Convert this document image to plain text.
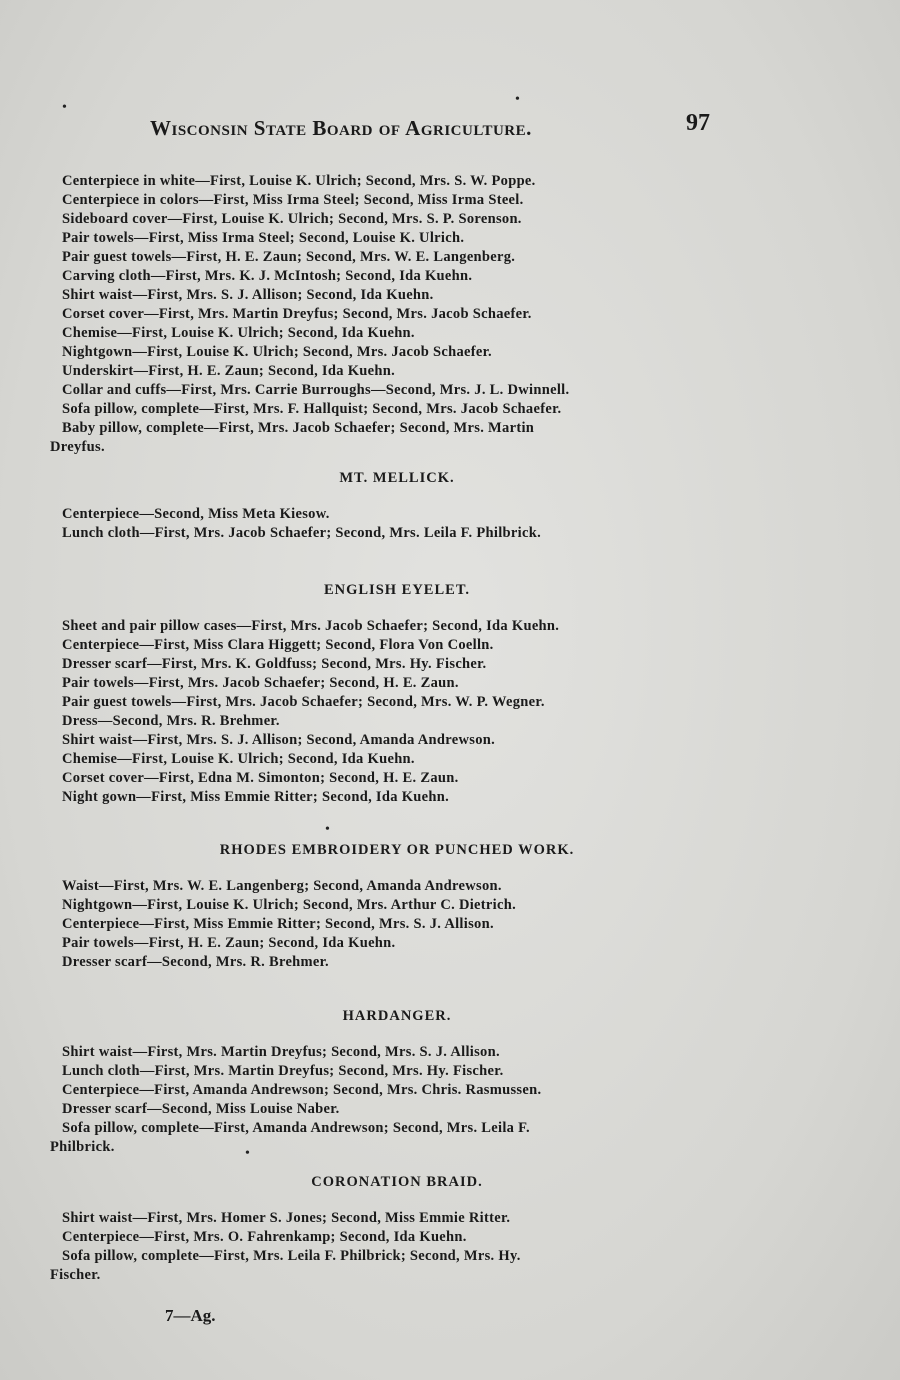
•
•
Wisconsin State Board of Agriculture.	97
Centerpiece in white—First, Louise K. Ulrich; Second, Mrs. S. W. Poppe.
Centerpiece in colors—First, Miss Irma Steel; Second, Miss Irma Steel.
Sideboard cover—First, Louise K. Ulrich; Second, Mrs. S. P. Sorenson.
Pair towels—First, Miss Irma Steel; Second, Louise K. Ulrich.
Pair guest towels—First, H. E. Zaun; Second, Mrs. W. E. Langenberg.
Carving cloth—First, Mrs. K. J. McIntosh; Second, Ida Kuehn.
Shirt waist—First, Mrs. S. J. Allison; Second, Ida Kuehn.
Corset cover—First, Mrs. Martin Dreyfus; Second, Mrs. Jacob Schaefer.
Chemise—First, Louise K. Ulrich; Second, Ida Kuehn.
Nightgown—First, Louise K. Ulrich; Second, Mrs. Jacob Schaefer.
Underskirt—First, H. E. Zaun; Second, Ida Kuehn.
Collar and cuffs—First, Mrs. Carrie Burroughs—Second, Mrs. J. L. Dwinnell.
Sofa pillow, complete—First, Mrs. F. Hallquist; Second, Mrs. Jacob Schaefer.
Baby pillow, complete—First, Mrs. Jacob Schaefer; Second, Mrs. Martin
Dreyfus.
MT. MELLICK.
Centerpiece—Second, Miss Meta Kiesow.
Lunch cloth—First, Mrs. Jacob Schaefer; Second, Mrs. Leila F. Philbrick.
ENGLISH EYELET.
Sheet and pair pillow cases—First, Mrs. Jacob Schaefer; Second, Ida Kuehn.
Centerpiece—First, Miss Clara Higgett; Second, Flora Von Coelln.
Dresser scarf—First, Mrs. K. Goldfuss; Second, Mrs. Hy. Fischer.
Pair towels—First, Mrs. Jacob Schaefer; Second, H. E. Zaun.
Pair guest towels—First, Mrs. Jacob Schaefer; Second, Mrs. W. P. Wegner.
Dress—Second, Mrs. R. Brehmer.
Shirt waist—First, Mrs. S. J. Allison; Second, Amanda Andrewson.
Chemise—First, Louise K. Ulrich; Second, Ida Kuehn.
Corset cover—First, Edna M. Simonton; Second, H. E. Zaun.
Night gown—First, Miss Emmie Ritter; Second, Ida Kuehn.
•
RHODES EMBROIDERY OR PUNCHED WORK.
Waist—First, Mrs. W. E. Langenberg; Second, Amanda Andrewson.
Nightgown—First, Louise K. Ulrich; Second, Mrs. Arthur C. Dietrich.
Centerpiece—First, Miss Emmie Ritter; Second, Mrs. S. J. Allison.
Pair towels—First, H. E. Zaun; Second, Ida Kuehn.
Dresser scarf—Second, Mrs. R. Brehmer.
HARDANGER.
Shirt waist—First, Mrs. Martin Dreyfus; Second, Mrs. S. J. Allison.
Lunch cloth—First, Mrs. Martin Dreyfus; Second, Mrs. Hy. Fischer.
Centerpiece—First, Amanda Andrewson; Second, Mrs. Chris. Rasmussen.
Dresser scarf—Second, Miss Louise Naber.
Sofa pillow, complete—First, Amanda Andrewson; Second, Mrs. Leila F.
Philbrick.	•
CORONATION BRAID.
Shirt waist—First, Mrs. Homer S. Jones; Second, Miss Emmie Ritter.
Centerpiece—First, Mrs. O. Fahrenkamp; Second, Ida Kuehn.
Sofa pillow, complete—First, Mrs. Leila F. Philbrick; Second, Mrs. Hy.
Fischer.
7—Ag.
